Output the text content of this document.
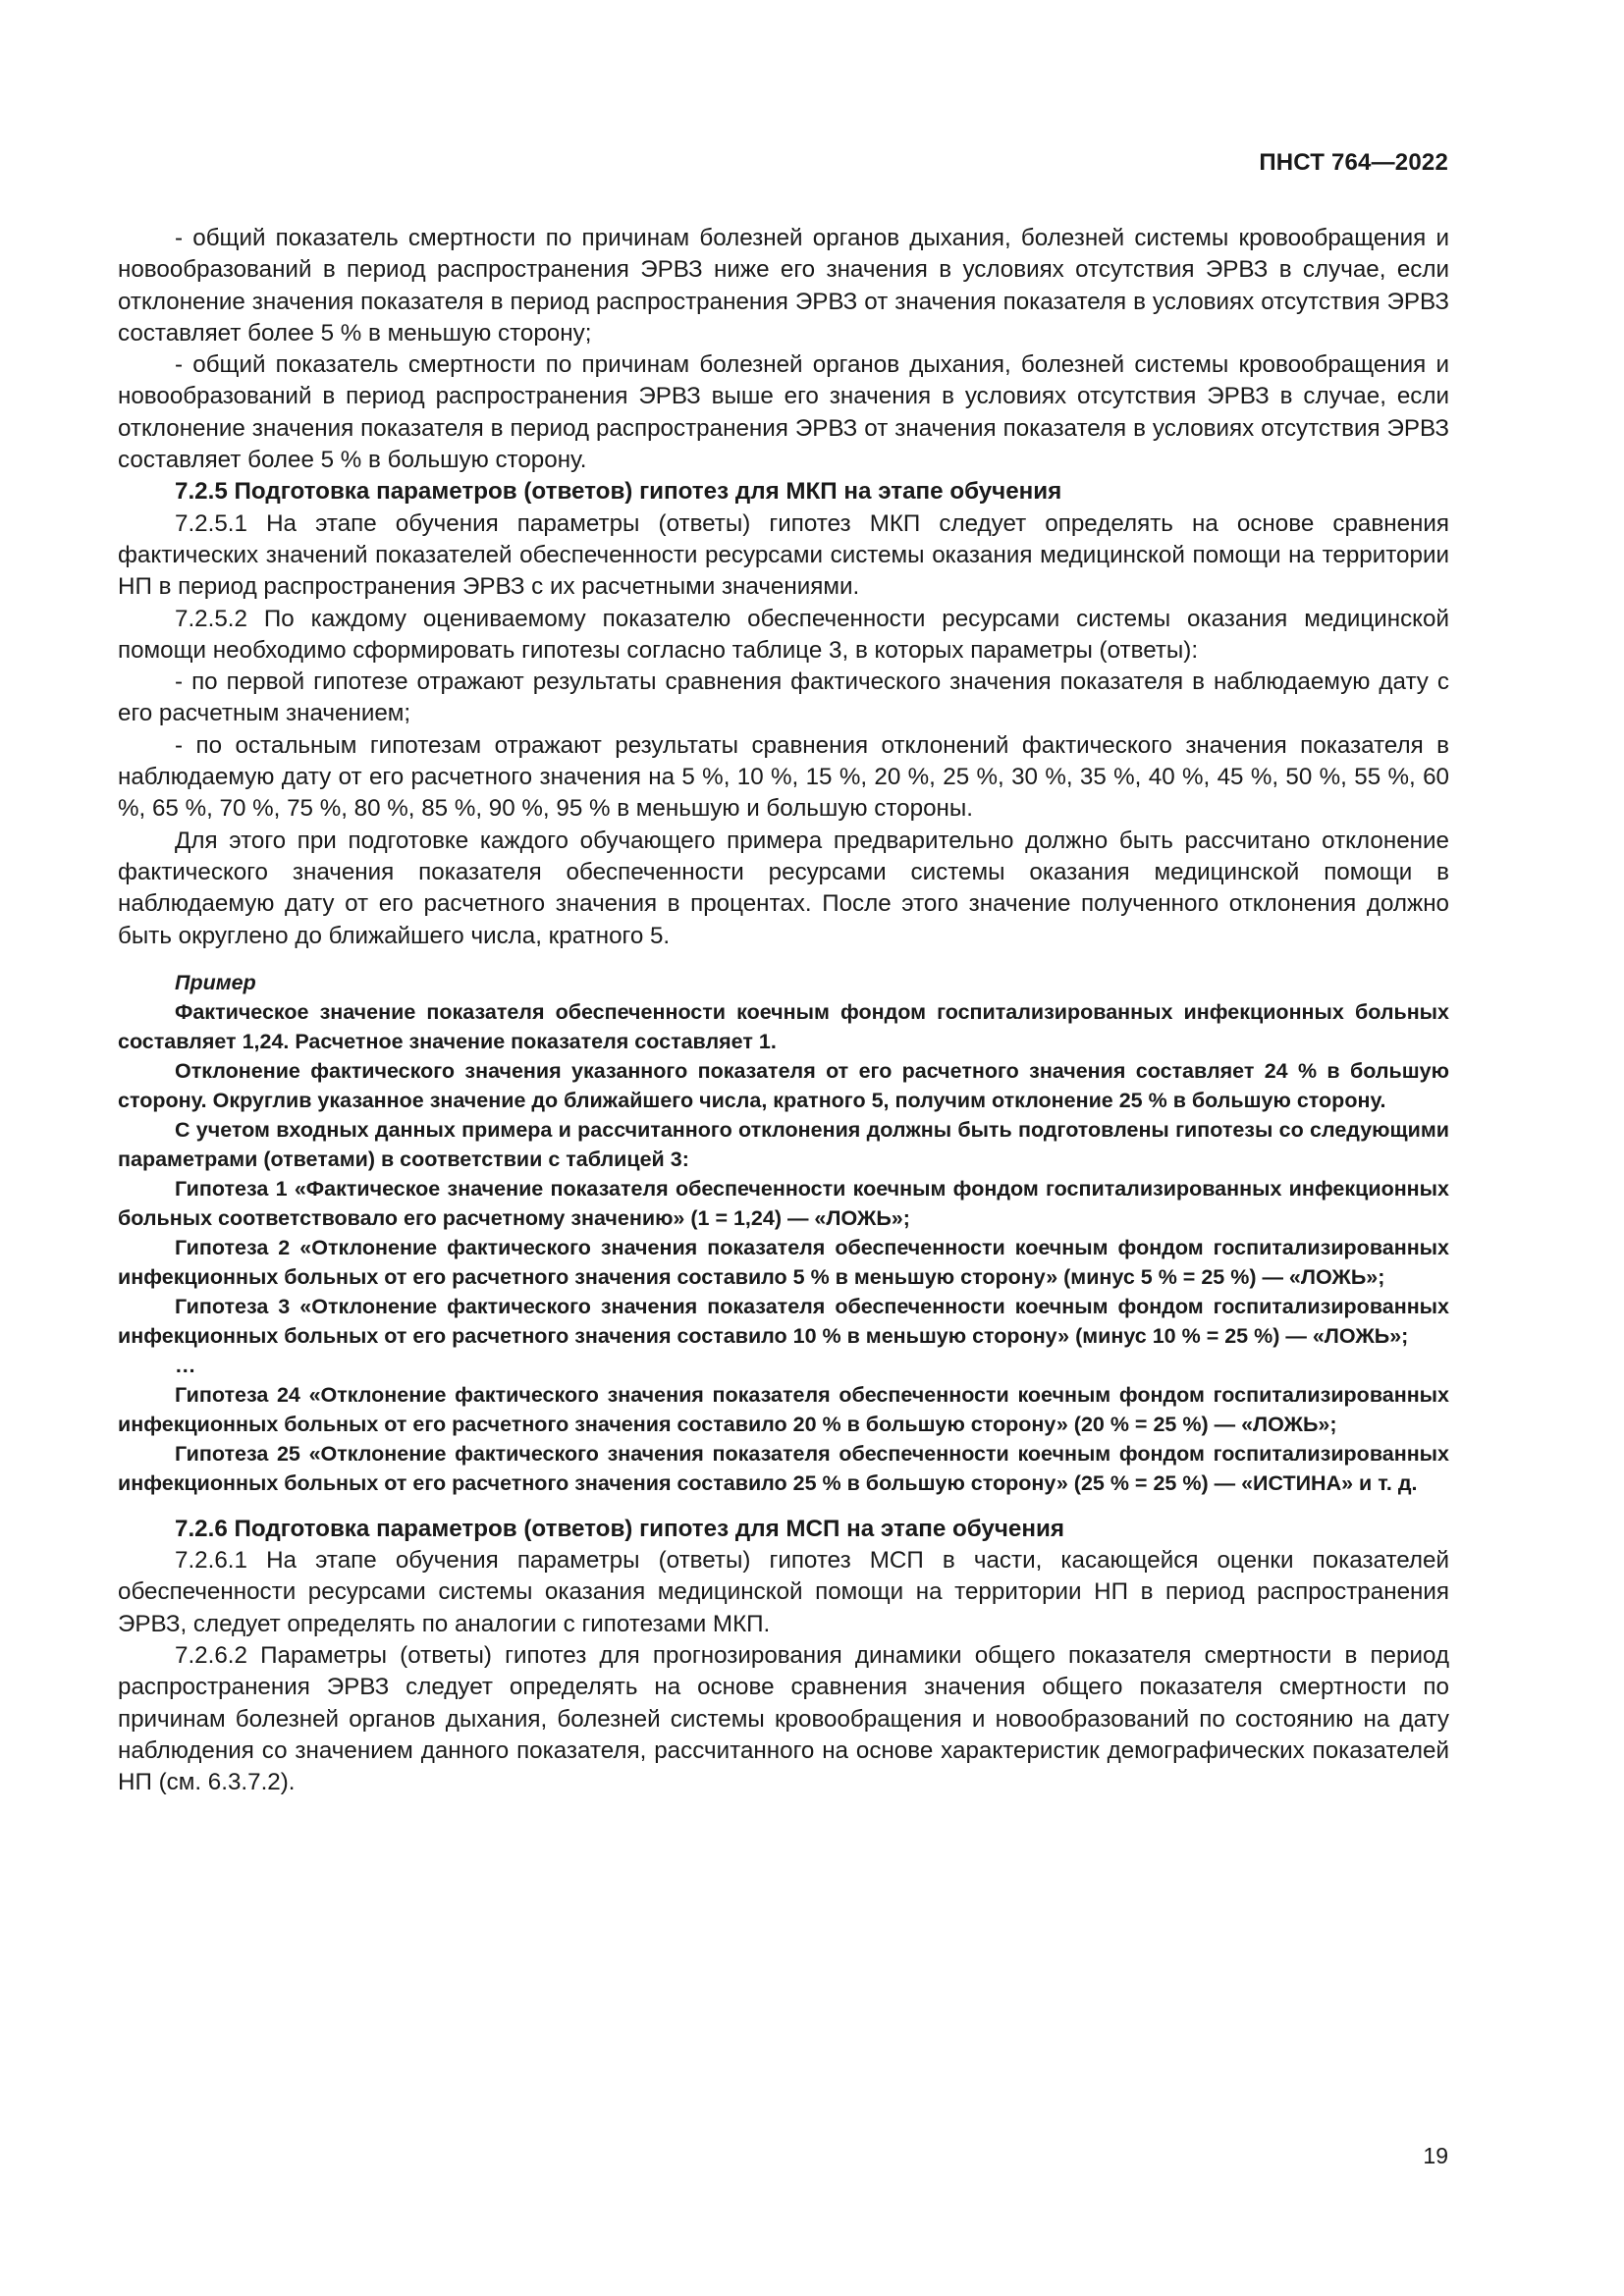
ПНСТ 764—2022

- общий показатель смертности по причинам болезней органов дыхания, болезней системы кровообращения и новообразований в период распространения ЭРВЗ ниже его значения в условиях отсутствия ЭРВЗ в случае, если отклонение значения показателя в период распространения ЭРВЗ от значения показателя в условиях отсутствия ЭРВЗ составляет более 5 % в меньшую сторону;

- общий показатель смертности по причинам болезней органов дыхания, болезней системы кровообращения и новообразований в период распространения ЭРВЗ выше его значения в условиях отсутствия ЭРВЗ в случае, если отклонение значения показателя в период распространения ЭРВЗ от значения показателя в условиях отсутствия ЭРВЗ составляет более 5 % в большую сторону.

7.2.5 Подготовка параметров (ответов) гипотез для МКП на этапе обучения

7.2.5.1 На этапе обучения параметры (ответы) гипотез МКП следует определять на основе сравнения фактических значений показателей обеспеченности ресурсами системы оказания медицинской помощи на территории НП в период распространения ЭРВЗ с их расчетными значениями.

7.2.5.2 По каждому оцениваемому показателю обеспеченности ресурсами системы оказания медицинской помощи необходимо сформировать гипотезы согласно таблице 3, в которых параметры (ответы):

- по первой гипотезе отражают результаты сравнения фактического значения показателя в наблюдаемую дату с его расчетным значением;

- по остальным гипотезам отражают результаты сравнения отклонений фактического значения показателя в наблюдаемую дату от его расчетного значения на 5 %, 10 %, 15 %, 20 %, 25 %, 30 %, 35 %, 40 %, 45 %, 50 %, 55 %, 60 %, 65 %, 70 %, 75 %, 80 %, 85 %, 90 %, 95 % в меньшую и большую стороны.

Для этого при подготовке каждого обучающего примера предварительно должно быть рассчитано отклонение фактического значения показателя обеспеченности ресурсами системы оказания медицинской помощи в наблюдаемую дату от его расчетного значения в процентах. После этого значение полученного отклонения должно быть округлено до ближайшего числа, кратного 5.

Пример

Фактическое значение показателя обеспеченности коечным фондом госпитализированных инфекционных больных составляет 1,24. Расчетное значение показателя составляет 1.

Отклонение фактического значения указанного показателя от его расчетного значения составляет 24 % в большую сторону. Округлив указанное значение до ближайшего числа, кратного 5, получим отклонение 25 % в большую сторону.

С учетом входных данных примера и рассчитанного отклонения должны быть подготовлены гипотезы со следующими параметрами (ответами) в соответствии с таблицей 3:

Гипотеза 1 «Фактическое значение показателя обеспеченности коечным фондом госпитализированных инфекционных больных соответствовало его расчетному значению» (1 = 1,24) — «ЛОЖЬ»;

Гипотеза 2 «Отклонение фактического значения показателя обеспеченности коечным фондом госпитализированных инфекционных больных от его расчетного значения составило 5 % в меньшую сторону» (минус 5 % = 25 %) — «ЛОЖЬ»;

Гипотеза 3 «Отклонение фактического значения показателя обеспеченности коечным фондом госпитализированных инфекционных больных от его расчетного значения составило 10 % в меньшую сторону» (минус 10 % = 25 %) — «ЛОЖЬ»;

…

Гипотеза 24 «Отклонение фактического значения показателя обеспеченности коечным фондом госпитализированных инфекционных больных от его расчетного значения составило 20 % в большую сторону» (20 % = 25 %) — «ЛОЖЬ»;

Гипотеза 25 «Отклонение фактического значения показателя обеспеченности коечным фондом госпитализированных инфекционных больных от его расчетного значения составило 25 % в большую сторону» (25 % = 25 %) — «ИСТИНА» и т. д.

7.2.6 Подготовка параметров (ответов) гипотез для МСП на этапе обучения

7.2.6.1 На этапе обучения параметры (ответы) гипотез МСП в части, касающейся оценки показателей обеспеченности ресурсами системы оказания медицинской помощи на территории НП в период распространения ЭРВЗ, следует определять по аналогии с гипотезами МКП.

7.2.6.2 Параметры (ответы) гипотез для прогнозирования динамики общего показателя смертности в период распространения ЭРВЗ следует определять на основе сравнения значения общего показателя смертности по причинам болезней органов дыхания, болезней системы кровообращения и новообразований по состоянию на дату наблюдения со значением данного показателя, рассчитанного на основе характеристик демографических показателей НП (см. 6.3.7.2).

19
